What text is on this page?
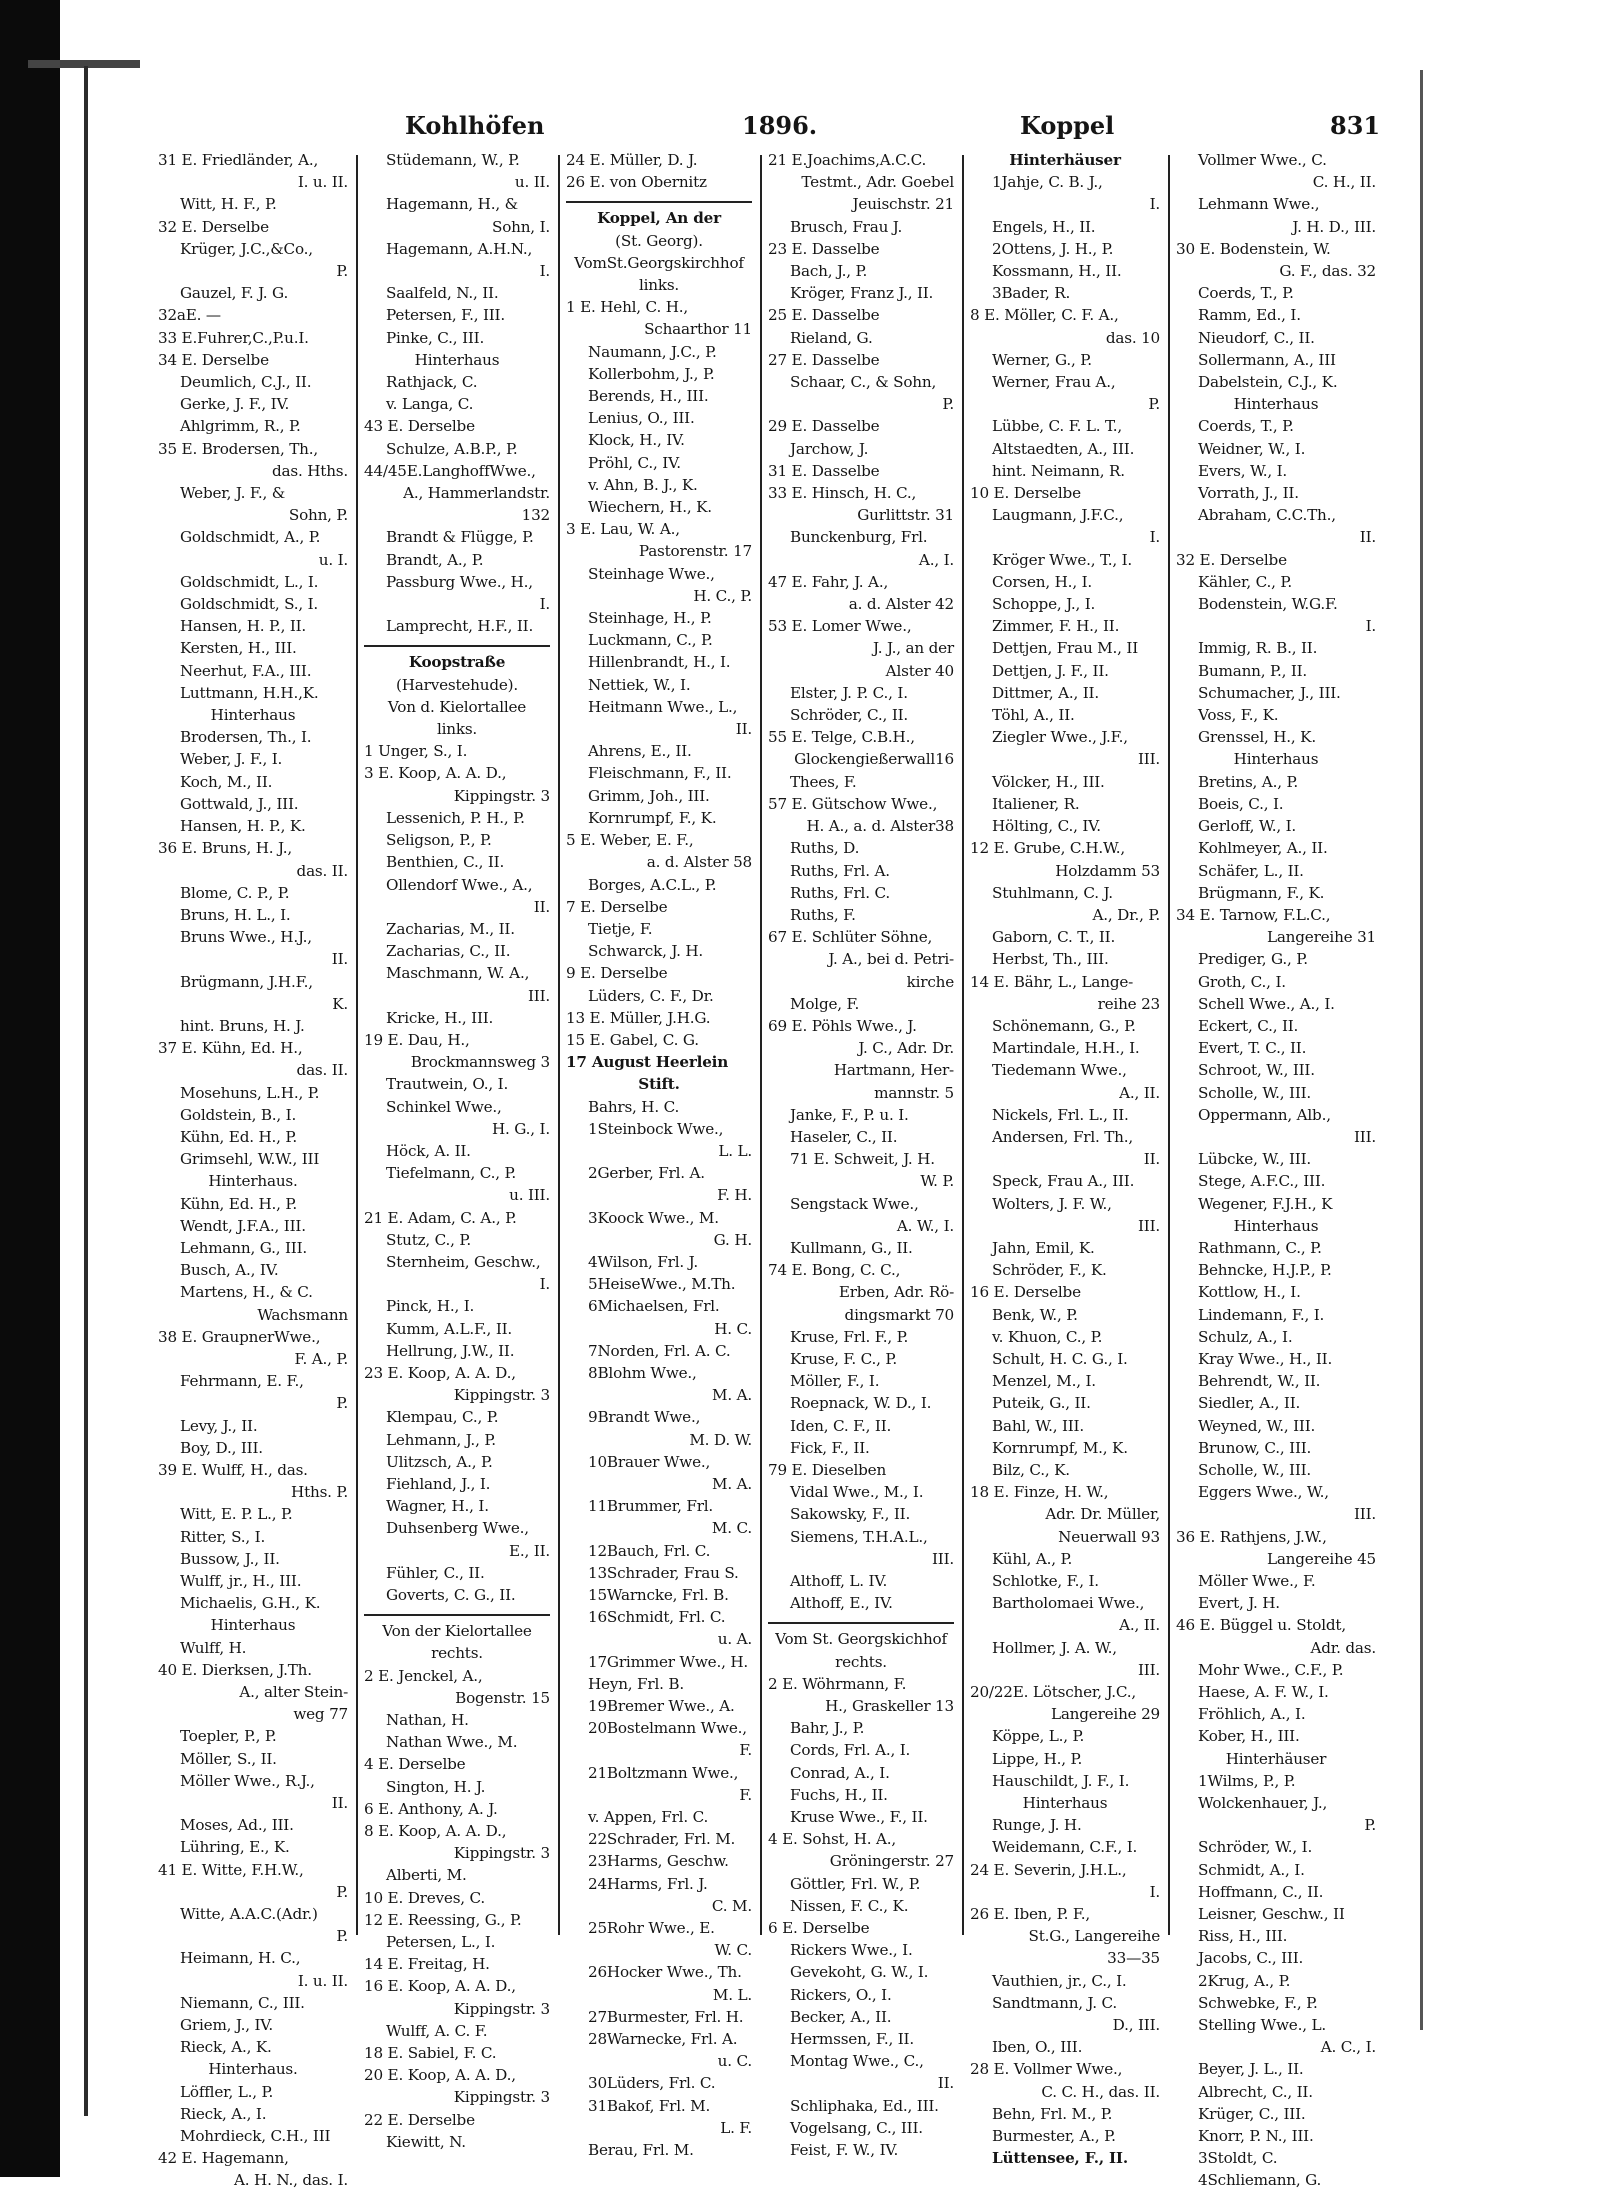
Kohlhöfen	1896.	Koppel	831
31 E. Friedländer, A.,
I. u. II.
Witt, H. F., P.
32 E. Derselbe
Krüger, J.C.,&Co.,
P.
Gauzel, F. J. G.
32aE. —
33 E.Fuhrer,C.,P.u.I.
34 E. Derselbe
Deumlich, C.J., II.
Gerke, J. F., IV.
Ahlgrimm, R., P.
35 E. Brodersen, Th.,
das. Hths.
Weber, J. F., &
Sohn, P.
Goldschmidt, A., P.
u. I.
Goldschmidt, L., I.
Goldschmidt, S., I.
Hansen, H. P., II.
Kersten, H., III.
Neerhut, F.A., III.
Luttmann, H.H.,K.
Hinterhaus
Brodersen, Th., I.
Weber, J. F., I.
Koch, M., II.
Gottwald, J., III.
Hansen, H. P., K.
36 E. Bruns, H. J.,
das. II.
Blome, C. P., P.
Bruns, H. L., I.
Bruns Wwe., H.J.,
II.
Brügmann, J.H.F.,
K.
hint. Bruns, H. J.
37 E. Kühn, Ed. H.,
das. II.
Mosehuns, L.H., P.
Goldstein, B., I.
Kühn, Ed. H., P.
Grimsehl, W.W., III
Hinterhaus.
Kühn, Ed. H., P.
Wendt, J.F.A., III.
Lehmann, G., III.
Busch, A., IV.
Martens, H., & C.
Wachsmann
38 E. GraupnerWwe.,
F. A., P.
Fehrmann, E. F.,
P.
Levy, J., II.
Boy, D., III.
39 E. Wulff, H., das.
Hths. P.
Witt, E. P. L., P.
Ritter, S., I.
Bussow, J., II.
Wulff, jr., H., III.
Michaelis, G.H., K.
Hinterhaus
Wulff, H.
40 E. Dierksen, J.Th.
A., alter Stein-
weg 77
Toepler, P., P.
Möller, S., II.
Möller Wwe., R.J.,
II.
Moses, Ad., III.
Lühring, E., K.
41 E. Witte, F.H.W.,
P.
Witte, A.A.C.(Adr.)
P.
Heimann, H. C.,
I. u. II.
Niemann, C., III.
Griem, J., IV.
Rieck, A., K.
Hinterhaus.
Löffler, L., P.
Rieck, A., I.
Mohrdieck, C.H., III
42 E. Hagemann,
A. H. N., das. I.
Stüdemann, W., P.
u. II.
Hagemann, H., &
Sohn, I.
Hagemann, A.H.N.,
I.
Saalfeld, N., II.
Petersen, F., III.
Pinke, C., III.
Hinterhaus
Rathjack, C.
v. Langa, C.
43 E. Derselbe
Schulze, A.B.P., P.
44/45E.LanghoffWwe.,
A., Hammerlandstr.
132
Brandt & Flügge, P.
Brandt, A., P.
Passburg Wwe., H.,
I.
Lamprecht, H.F., II.
Koopstraße
(Harvestehude).
Von d. Kielortallee
links.
1 Unger, S., I.
3 E. Koop, A. A. D.,
Kippingstr. 3
Lessenich, P. H., P.
Seligson, P., P.
Benthien, C., II.
Ollendorf Wwe., A.,
II.
Zacharias, M., II.
Zacharias, C., II.
Maschmann, W. A.,
III.
Kricke, H., III.
19 E. Dau, H.,
Brockmannsweg 3
Trautwein, O., I.
Schinkel Wwe.,
H. G., I.
Höck, A. II.
Tiefelmann, C., P.
u. III.
21 E. Adam, C. A., P.
Stutz, C., P.
Sternheim, Geschw.,
I.
Pinck, H., I.
Kumm, A.L.F., II.
Hellrung, J.W., II.
23 E. Koop, A. A. D.,
Kippingstr. 3
Klempau, C., P.
Lehmann, J., P.
Ulitzsch, A., P.
Fiehland, J., I.
Wagner, H., I.
Duhsenberg Wwe.,
E., II.
Fühler, C., II.
Goverts, C. G., II.
Von der Kielortallee
rechts.
2 E. Jenckel, A.,
Bogenstr. 15
Nathan, H.
Nathan Wwe., M.
4 E. Derselbe
Sington, H. J.
6 E. Anthony, A. J.
8 E. Koop, A. A. D.,
Kippingstr. 3
Alberti, M.
10 E. Dreves, C.
12 E. Reessing, G., P.
Petersen, L., I.
14 E. Freitag, H.
16 E. Koop, A. A. D.,
Kippingstr. 3
Wulff, A. C. F.
18 E. Sabiel, F. C.
20 E. Koop, A. A. D.,
Kippingstr. 3
22 E. Derselbe
Kiewitt, N.
24 E. Müller, D. J.
26 E. von Obernitz
Koppel, An der
(St. Georg).
VomSt.Georgskirchhof
links.
1 E. Hehl, C. H.,
Schaarthor 11
Naumann, J.C., P.
Kollerbohm, J., P.
Berends, H., III.
Lenius, O., III.
Klock, H., IV.
Pröhl, C., IV.
v. Ahn, B. J., K.
Wiechern, H., K.
3 E. Lau, W. A.,
Pastorenstr. 17
Steinhage Wwe.,
H. C., P.
Steinhage, H., P.
Luckmann, C., P.
Hillenbrandt, H., I.
Nettiek, W., I.
Heitmann Wwe., L.,
II.
Ahrens, E., II.
Fleischmann, F., II.
Grimm, Joh., III.
Kornrumpf, F., K.
5 E. Weber, E. F.,
a. d. Alster 58
Borges, A.C.L., P.
7 E. Derselbe
Tietje, F.
Schwarck, J. H.
9 E. Derselbe
Lüders, C. F., Dr.
13 E. Müller, J.H.G.
15 E. Gabel, C. G.
17 August Heerlein
Stift.
Bahrs, H. C.
1Steinbock Wwe.,
L. L.
2Gerber, Frl. A.
F. H.
3Koock Wwe., M.
G. H.
4Wilson, Frl. J.
5HeiseWwe., M.Th.
6Michaelsen, Frl.
H. C.
7Norden, Frl. A. C.
8Blohm Wwe.,
M. A.
9Brandt Wwe.,
M. D. W.
10Brauer Wwe.,
M. A.
11Brummer, Frl.
M. C.
12Bauch, Frl. C.
13Schrader, Frau S.
15Warncke, Frl. B.
16Schmidt, Frl. C.
u. A.
17Grimmer Wwe., H.
Heyn, Frl. B.
19Bremer Wwe., A.
20Bostelmann Wwe.,
F.
21Boltzmann Wwe.,
F.
v. Appen, Frl. C.
22Schrader, Frl. M.
23Harms, Geschw.
24Harms, Frl. J.
C. M.
25Rohr Wwe., E.
W. C.
26Hocker Wwe., Th.
M. L.
27Burmester, Frl. H.
28Warnecke, Frl. A.
u. C.
30Lüders, Frl. C.
31Bakof, Frl. M.
L. F.
Berau, Frl. M.
21 E.Joachims,A.C.C.
Testmt., Adr. Goebel
Jeuischstr. 21
Brusch, Frau J.
23 E. Dasselbe
Bach, J., P.
Kröger, Franz J., II.
25 E. Dasselbe
Rieland, G.
27 E. Dasselbe
Schaar, C., & Sohn,
P.
29 E. Dasselbe
Jarchow, J.
31 E. Dasselbe
33 E. Hinsch, H. C.,
Gurlittstr. 31
Bunckenburg, Frl.
A., I.
47 E. Fahr, J. A.,
a. d. Alster 42
53 E. Lomer Wwe.,
J. J., an der
Alster 40
Elster, J. P. C., I.
Schröder, C., II.
55 E. Telge, C.B.H.,
Glockengießerwall16
Thees, F.
57 E. Gütschow Wwe.,
H. A., a. d. Alster38
Ruths, D.
Ruths, Frl. A.
Ruths, Frl. C.
Ruths, F.
67 E. Schlüter Söhne,
J. A., bei d. Petri-
kirche
Molge, F.
69 E. Pöhls Wwe., J.
J. C., Adr. Dr.
Hartmann, Her-
mannstr. 5
Janke, F., P. u. I.
Haseler, C., II.
71 E. Schweit, J. H.
W. P.
Sengstack Wwe.,
A. W., I.
Kullmann, G., II.
74 E. Bong, C. C.,
Erben, Adr. Rö-
dingsmarkt 70
Kruse, Frl. F., P.
Kruse, F. C., P.
Möller, F., I.
Roepnack, W. D., I.
Iden, C. F., II.
Fick, F., II.
79 E. Dieselben
Vidal Wwe., M., I.
Sakowsky, F., II.
Siemens, T.H.A.L.,
III.
Althoff, L. IV.
Althoff, E., IV.
Vom St. Georgskichhof
rechts.
2 E. Wöhrmann, F.
H., Graskeller 13
Bahr, J., P.
Cords, Frl. A., I.
Conrad, A., I.
Fuchs, H., II.
Kruse Wwe., F., II.
4 E. Sohst, H. A.,
Gröningerstr. 27
Göttler, Frl. W., P.
Nissen, F. C., K.
6 E. Derselbe
Rickers Wwe., I.
Gevekoht, G. W., I.
Rickers, O., I.
Becker, A., II.
Hermssen, F., II.
Montag Wwe., C.,
II.
Schliphaka, Ed., III.
Vogelsang, C., III.
Feist, F. W., IV.
Hinterhäuser
1Jahje, C. B. J.,
I.
Engels, H., II.
2Ottens, J. H., P.
Kossmann, H., II.
3Bader, R.
8 E. Möller, C. F. A.,
das. 10
Werner, G., P.
Werner, Frau A.,
P.
Lübbe, C. F. L. T.,
Altstaedten, A., III.
hint. Neimann, R.
10 E. Derselbe
Laugmann, J.F.C.,
I.
Kröger Wwe., T., I.
Corsen, H., I.
Schoppe, J., I.
Zimmer, F. H., II.
Dettjen, Frau M., II
Dettjen, J. F., II.
Dittmer, A., II.
Töhl, A., II.
Ziegler Wwe., J.F.,
III.
Völcker, H., III.
Italiener, R.
Hölting, C., IV.
12 E. Grube, C.H.W.,
Holzdamm 53
Stuhlmann, C. J.
A., Dr., P.
Gaborn, C. T., II.
Herbst, Th., III.
14 E. Bähr, L., Lange-
reihe 23
Schönemann, G., P.
Martindale, H.H., I.
Tiedemann Wwe.,
A., II.
Nickels, Frl. L., II.
Andersen, Frl. Th.,
II.
Speck, Frau A., III.
Wolters, J. F. W.,
III.
Jahn, Emil, K.
Schröder, F., K.
16 E. Derselbe
Benk, W., P.
v. Khuon, C., P.
Schult, H. C. G., I.
Menzel, M., I.
Puteik, G., II.
Bahl, W., III.
Kornrumpf, M., K.
Bilz, C., K.
18 E. Finze, H. W.,
Adr. Dr. Müller,
Neuerwall 93
Kühl, A., P.
Schlotke, F., I.
Bartholomaei Wwe.,
A., II.
Hollmer, J. A. W.,
III.
20/22E. Lötscher, J.C.,
Langereihe 29
Köppe, L., P.
Lippe, H., P.
Hauschildt, J. F., I.
Hinterhaus
Runge, J. H.
Weidemann, C.F., I.
24 E. Severin, J.H.L.,
I.
26 E. Iben, P. F.,
St.G., Langereihe
33—35
Vauthien, jr., C., I.
Sandtmann, J. C.
D., III.
Iben, O., III.
28 E. Vollmer Wwe.,
C. C. H., das. II.
Behn, Frl. M., P.
Burmester, A., P.
Lüttensee, F., II.
Vollmer Wwe., C.
C. H., II.
Lehmann Wwe.,
J. H. D., III.
30 E. Bodenstein, W.
G. F., das. 32
Coerds, T., P.
Ramm, Ed., I.
Nieudorf, C., II.
Sollermann, A., III
Dabelstein, C.J., K.
Hinterhaus
Coerds, T., P.
Weidner, W., I.
Evers, W., I.
Vorrath, J., II.
Abraham, C.C.Th.,
II.
32 E. Derselbe
Kähler, C., P.
Bodenstein, W.G.F.
I.
Immig, R. B., II.
Bumann, P., II.
Schumacher, J., III.
Voss, F., K.
Grenssel, H., K.
Hinterhaus
Bretins, A., P.
Boeis, C., I.
Gerloff, W., I.
Kohlmeyer, A., II.
Schäfer, L., II.
Brügmann, F., K.
34 E. Tarnow, F.L.C.,
Langereihe 31
Prediger, G., P.
Groth, C., I.
Schell Wwe., A., I.
Eckert, C., II.
Evert, T. C., II.
Schroot, W., III.
Scholle, W., III.
Oppermann, Alb.,
III.
Lübcke, W., III.
Stege, A.F.C., III.
Wegener, F.J.H., K
Hinterhaus
Rathmann, C., P.
Behncke, H.J.P., P.
Kottlow, H., I.
Lindemann, F., I.
Schulz, A., I.
Kray Wwe., H., II.
Behrendt, W., II.
Siedler, A., II.
Weyned, W., III.
Brunow, C., III.
Scholle, W., III.
Eggers Wwe., W.,
III.
36 E. Rathjens, J.W.,
Langereihe 45
Möller Wwe., F.
Evert, J. H.
46 E. Büggel u. Stoldt,
Adr. das.
Mohr Wwe., C.F., P.
Haese, A. F. W., I.
Fröhlich, A., I.
Kober, H., III.
Hinterhäuser
1Wilms, P., P.
Wolckenhauer, J.,
P.
Schröder, W., I.
Schmidt, A., I.
Hoffmann, C., II.
Leisner, Geschw., II
Riss, H., III.
Jacobs, C., III.
2Krug, A., P.
Schwebke, F., P.
Stelling Wwe., L.
A. C., I.
Beyer, J. L., II.
Albrecht, C., II.
Krüger, C., III.
Knorr, P. N., III.
3Stoldt, C.
4Schliemann, G.
